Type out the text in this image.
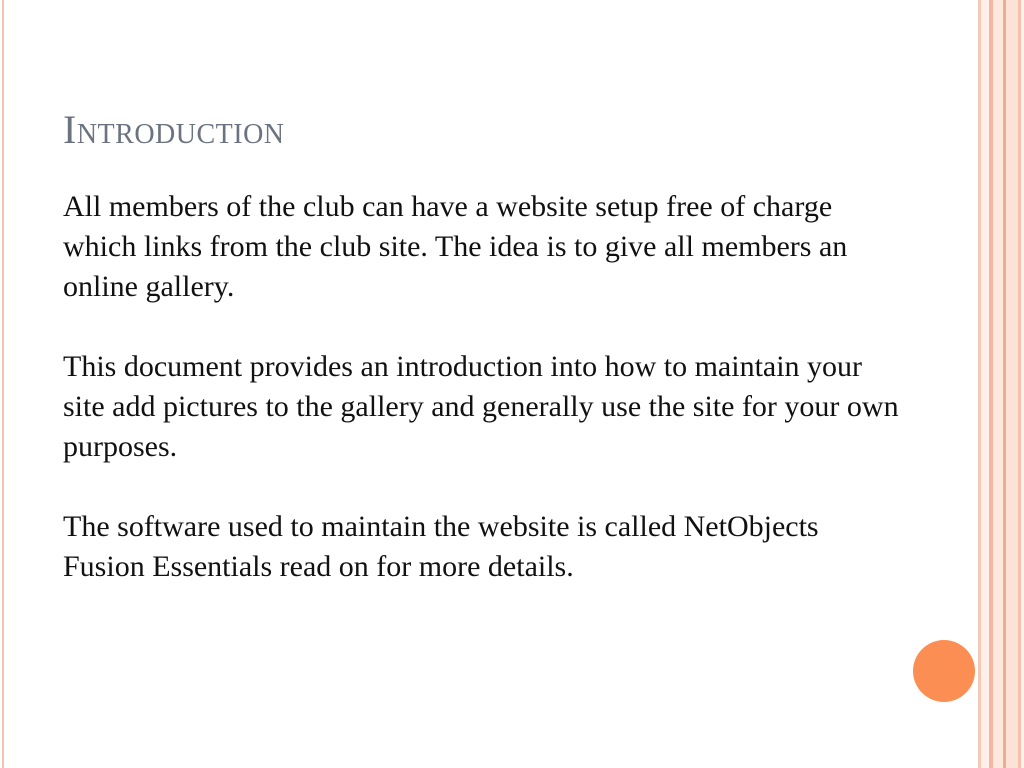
Introduction

All members of the club can have a website setup free of charge which links from the club site. The idea is to give all members an online gallery.

This document provides an introduction into how to maintain your site add pictures to the gallery and generally use the site for your own purposes.

The software used to maintain the website is called NetObjects Fusion Essentials read on for more details.
